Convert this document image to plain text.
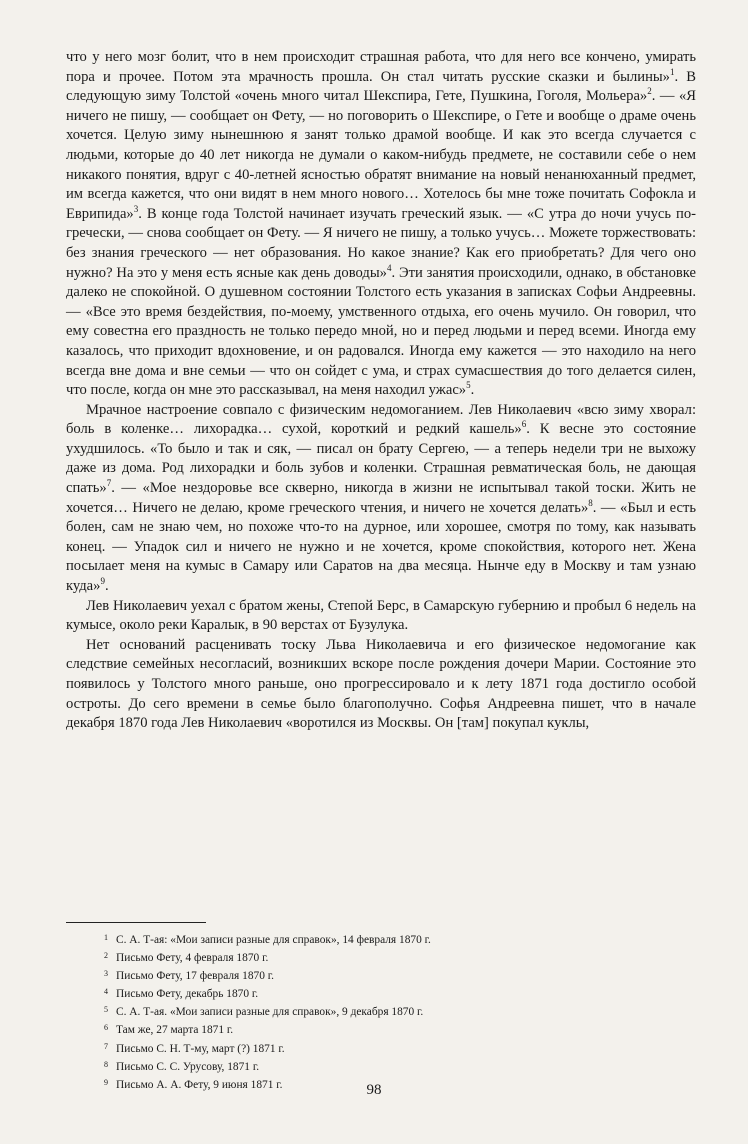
что у него мозг болит, что в нем происходит страшная работа, что для него все кончено, умирать пора и прочее. Потом эта мрачность прошла. Он стал читать русские сказки и былины»$^1$. В следующую зиму Толстой «очень много читал Шекспира, Гете, Пушкина, Гоголя, Мольера»$^2$. — «Я ничего не пишу, — сообщает он Фету, — но поговорить о Шекспире, о Гете и вообще о драме очень хочется. Целую зиму нынешнюю я занят только драмой вообще. И как это всегда случается с людьми, которые до 40 лет никогда не думали о каком-нибудь предмете, не составили себе о нем никакого понятия, вдруг с 40-летней ясностью обратят внимание на новый ненанюханный предмет, им всегда кажется, что они видят в нем много нового… Хотелось бы мне тоже почитать Софокла и Еврипида»$^3$. В конце года Толстой начинает изучать греческий язык. — «С утра до ночи учусь по-гречески, — снова сообщает он Фету. — Я ничего не пишу, а только учусь… Можете торжествовать: без знания греческого — нет образования. Но какое знание? Как его приобретать? Для чего оно нужно? На это у меня есть ясные как день доводы»$^4$. Эти занятия происходили, однако, в обстановке далеко не спокойной. О душевном состоянии Толстого есть указания в записках Софьи Андреевны. — «Все это время бездействия, по-моему, умственного отдыха, его очень мучило. Он говорил, что ему совестна его праздность не только передо мной, но и перед людьми и перед всеми. Иногда ему казалось, что приходит вдохновение, и он радовался. Иногда ему кажется — это находило на него всегда вне дома и вне семьи — что он сойдет с ума, и страх сумасшествия до того делается силен, что после, когда он мне это рассказывал, на меня находил ужас»$^5$.

Мрачное настроение совпало с физическим недомоганием. Лев Николаевич «всю зиму хворал: боль в коленке… лихорадка… сухой, короткий и редкий кашель»$^6$. К весне это состояние ухудшилось. «То было и так и сяк, — писал он брату Сергею, — а теперь недели три не выхожу даже из дома. Род лихорадки и боль зубов и коленки. Страшная ревматическая боль, не дающая спать»$^7$. — «Мое нездоровье все скверно, никогда в жизни не испытывал такой тоски. Жить не хочется… Ничего не делаю, кроме греческого чтения, и ничего не хочется делать»$^8$. — «Был и есть болен, сам не знаю чем, но похоже что-то на дурное, или хорошее, смотря по тому, как называть конец. — Упадок сил и ничего не нужно и не хочется, кроме спокойствия, которого нет. Жена посылает меня на кумыс в Самару или Саратов на два месяца. Нынче еду в Москву и там узнаю куда»$^9$.

Лев Николаевич уехал с братом жены, Степой Берс, в Самарскую губернию и пробыл 6 недель на кумысе, около реки Каралык, в 90 верстах от Бузулука.

Нет оснований расценивать тоску Льва Николаевича и его физическое недомогание как следствие семейных несогласий, возникших вскоре после рождения дочери Марии. Состояние это появилось у Толстого много раньше, оно прогрессировало и к лету 1871 года достигло особой остроты. До сего времени в семье было благополучно. Софья Андреевна пишет, что в начале декабря 1870 года Лев Николаевич «воротился из Москвы. Он [там] покупал куклы,

1 С. А. Т-ая: «Мои записи разные для справок», 14 февраля 1870 г.
2 Письмо Фету, 4 февраля 1870 г.
3 Письмо Фету, 17 февраля 1870 г.
4 Письмо Фету, декабрь 1870 г.
5 С. А. Т-ая. «Мои записи разные для справок», 9 декабря 1870 г.
6 Там же, 27 марта 1871 г.
7 Письмо С. Н. Т-му, март (?) 1871 г.
8 Письмо С. С. Урусову, 1871 г.
9 Письмо А. А. Фету, 9 июня 1871 г.	98
